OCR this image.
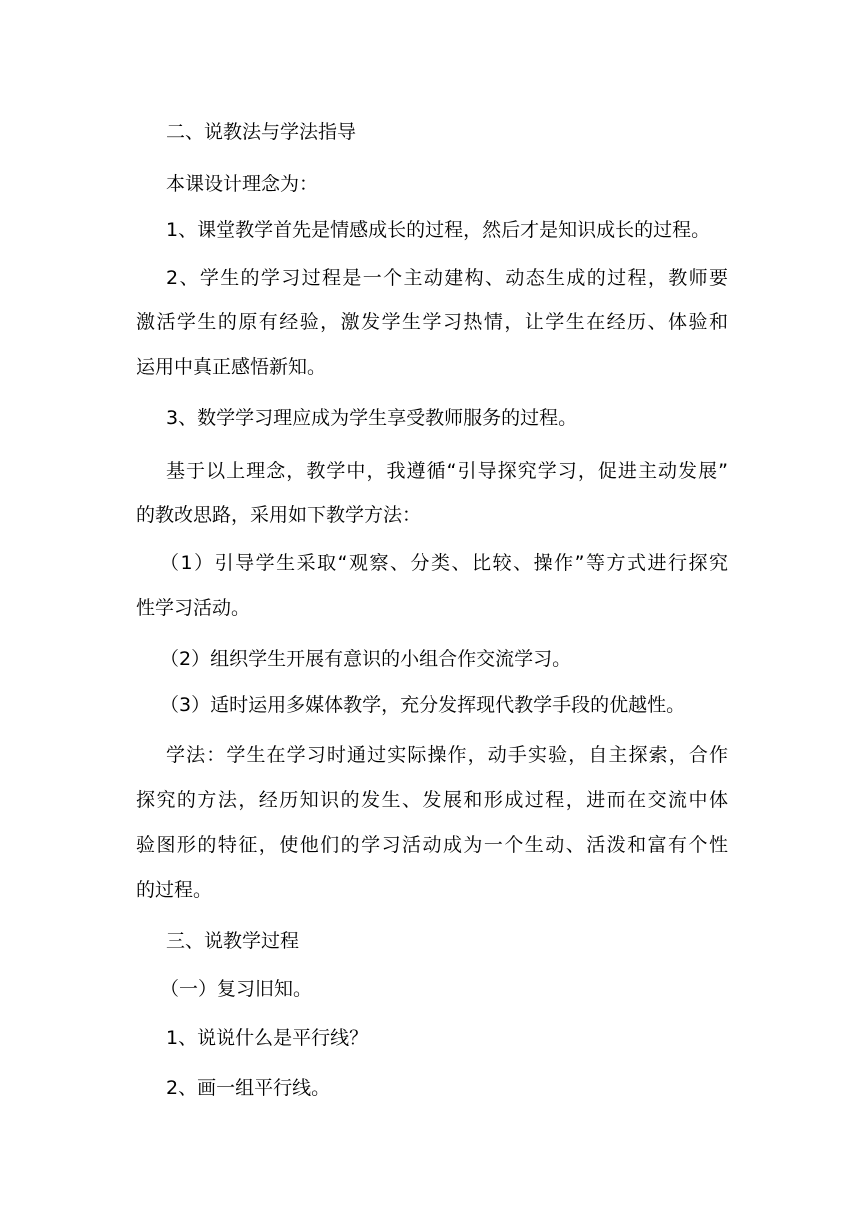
二、说教法与学法指导
本课设计理念为：
1、课堂教学首先是情感成长的过程，然后才是知识成长的过程。
2、学生的学习过程是一个主动建构、动态生成的过程，教师要
激活学生的原有经验，激发学生学习热情，让学生在经历、体验和
运用中真正感悟新知。
3、数学学习理应成为学生享受教师服务的过程。
基于以上理念，教学中，我遵循“引导探究学习，促进主动发展”
的教改思路，采用如下教学方法：
（1）引导学生采取“观察、分类、比较、操作”等方式进行探究
性学习活动。
（2）组织学生开展有意识的小组合作交流学习。
（3）适时运用多媒体教学，充分发挥现代教学手段的优越性。
学法：学生在学习时通过实际操作，动手实验，自主探索，合作
探究的方法，经历知识的发生、发展和形成过程，进而在交流中体
验图形的特征，使他们的学习活动成为一个生动、活泼和富有个性
的过程。
三、说教学过程
（一）复习旧知。
1、说说什么是平行线？
2、画一组平行线。
